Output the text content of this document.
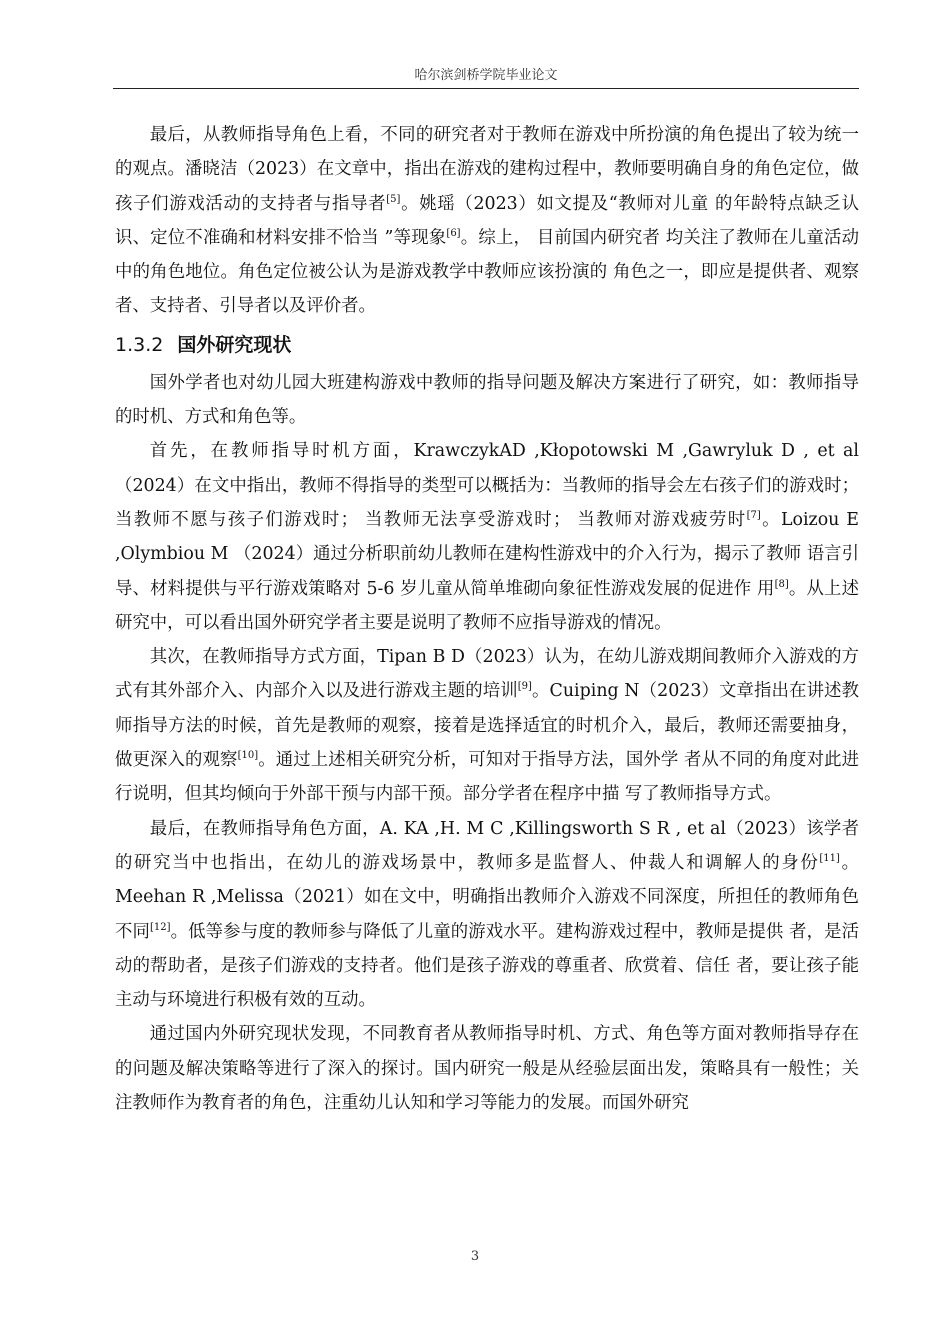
哈尔滨剑桥学院毕业论文

最后，从教师指导角色上看，不同的研究者对于教师在游戏中所扮演的角色提出了较为统一的观点。潘晓洁（2023）在文章中，指出在游戏的建构过程中，教师要明确自身的角色定位，做孩子们游戏活动的支持者与指导者[5]。姚瑶（2023）如文提及“教师对儿童 的年龄特点缺乏认识、定位不准确和材料安排不恰当 ”等现象[6]。综上， 目前国内研究者 均关注了教师在儿童活动中的角色地位。角色定位被公认为是游戏教学中教师应该扮演的 角色之一，即应是提供者、观察者、支持者、引导者以及评价者。

1.3.2 国外研究现状

国外学者也对幼儿园大班建构游戏中教师的指导问题及解决方案进行了研究，如：教师指导的时机、方式和角色等。

首先，在教师指导时机方面，KrawczykAD ,Kłopotowski M ,Gawryluk D , et al（2024）在文中指出，教师不得指导的类型可以概括为：当教师的指导会左右孩子们的游戏时；当教师不愿与孩子们游戏时； 当教师无法享受游戏时； 当教师对游戏疲劳时[7]。Loizou E ,Olymbiou M （2024）通过分析职前幼儿教师在建构性游戏中的介入行为，揭示了教师 语言引导、材料提供与平行游戏策略对 5-6 岁儿童从简单堆砌向象征性游戏发展的促进作 用[8]。从上述研究中，可以看出国外研究学者主要是说明了教师不应指导游戏的情况。

其次，在教师指导方式方面，Tipan B D（2023）认为，在幼儿游戏期间教师介入游戏的方式有其外部介入、内部介入以及进行游戏主题的培训[9]。Cuiping N（2023）文章指出在讲述教师指导方法的时候，首先是教师的观察，接着是选择适宜的时机介入，最后，教师还需要抽身，做更深入的观察[10]。通过上述相关研究分析，可知对于指导方法，国外学 者从不同的角度对此进行说明，但其均倾向于外部干预与内部干预。部分学者在程序中描 写了教师指导方式。

最后，在教师指导角色方面，A. KA ,H. M C ,Killingsworth S R , et al（2023）该学者的研究当中也指出，在幼儿的游戏场景中，教师多是监督人、仲裁人和调解人的身份[11]。Meehan R ,Melissa（2021）如在文中，明确指出教师介入游戏不同深度，所担任的教师角色不同[12]。低等参与度的教师参与降低了儿童的游戏水平。建构游戏过程中，教师是提供 者，是活动的帮助者，是孩子们游戏的支持者。他们是孩子游戏的尊重者、欣赏着、信任 者，要让孩子能主动与环境进行积极有效的互动。

通过国内外研究现状发现，不同教育者从教师指导时机、方式、角色等方面对教师指导存在的问题及解决策略等进行了深入的探讨。国内研究一般是从经验层面出发，策略具有一般性；关注教师作为教育者的角色，注重幼儿认知和学习等能力的发展。而国外研究

3
